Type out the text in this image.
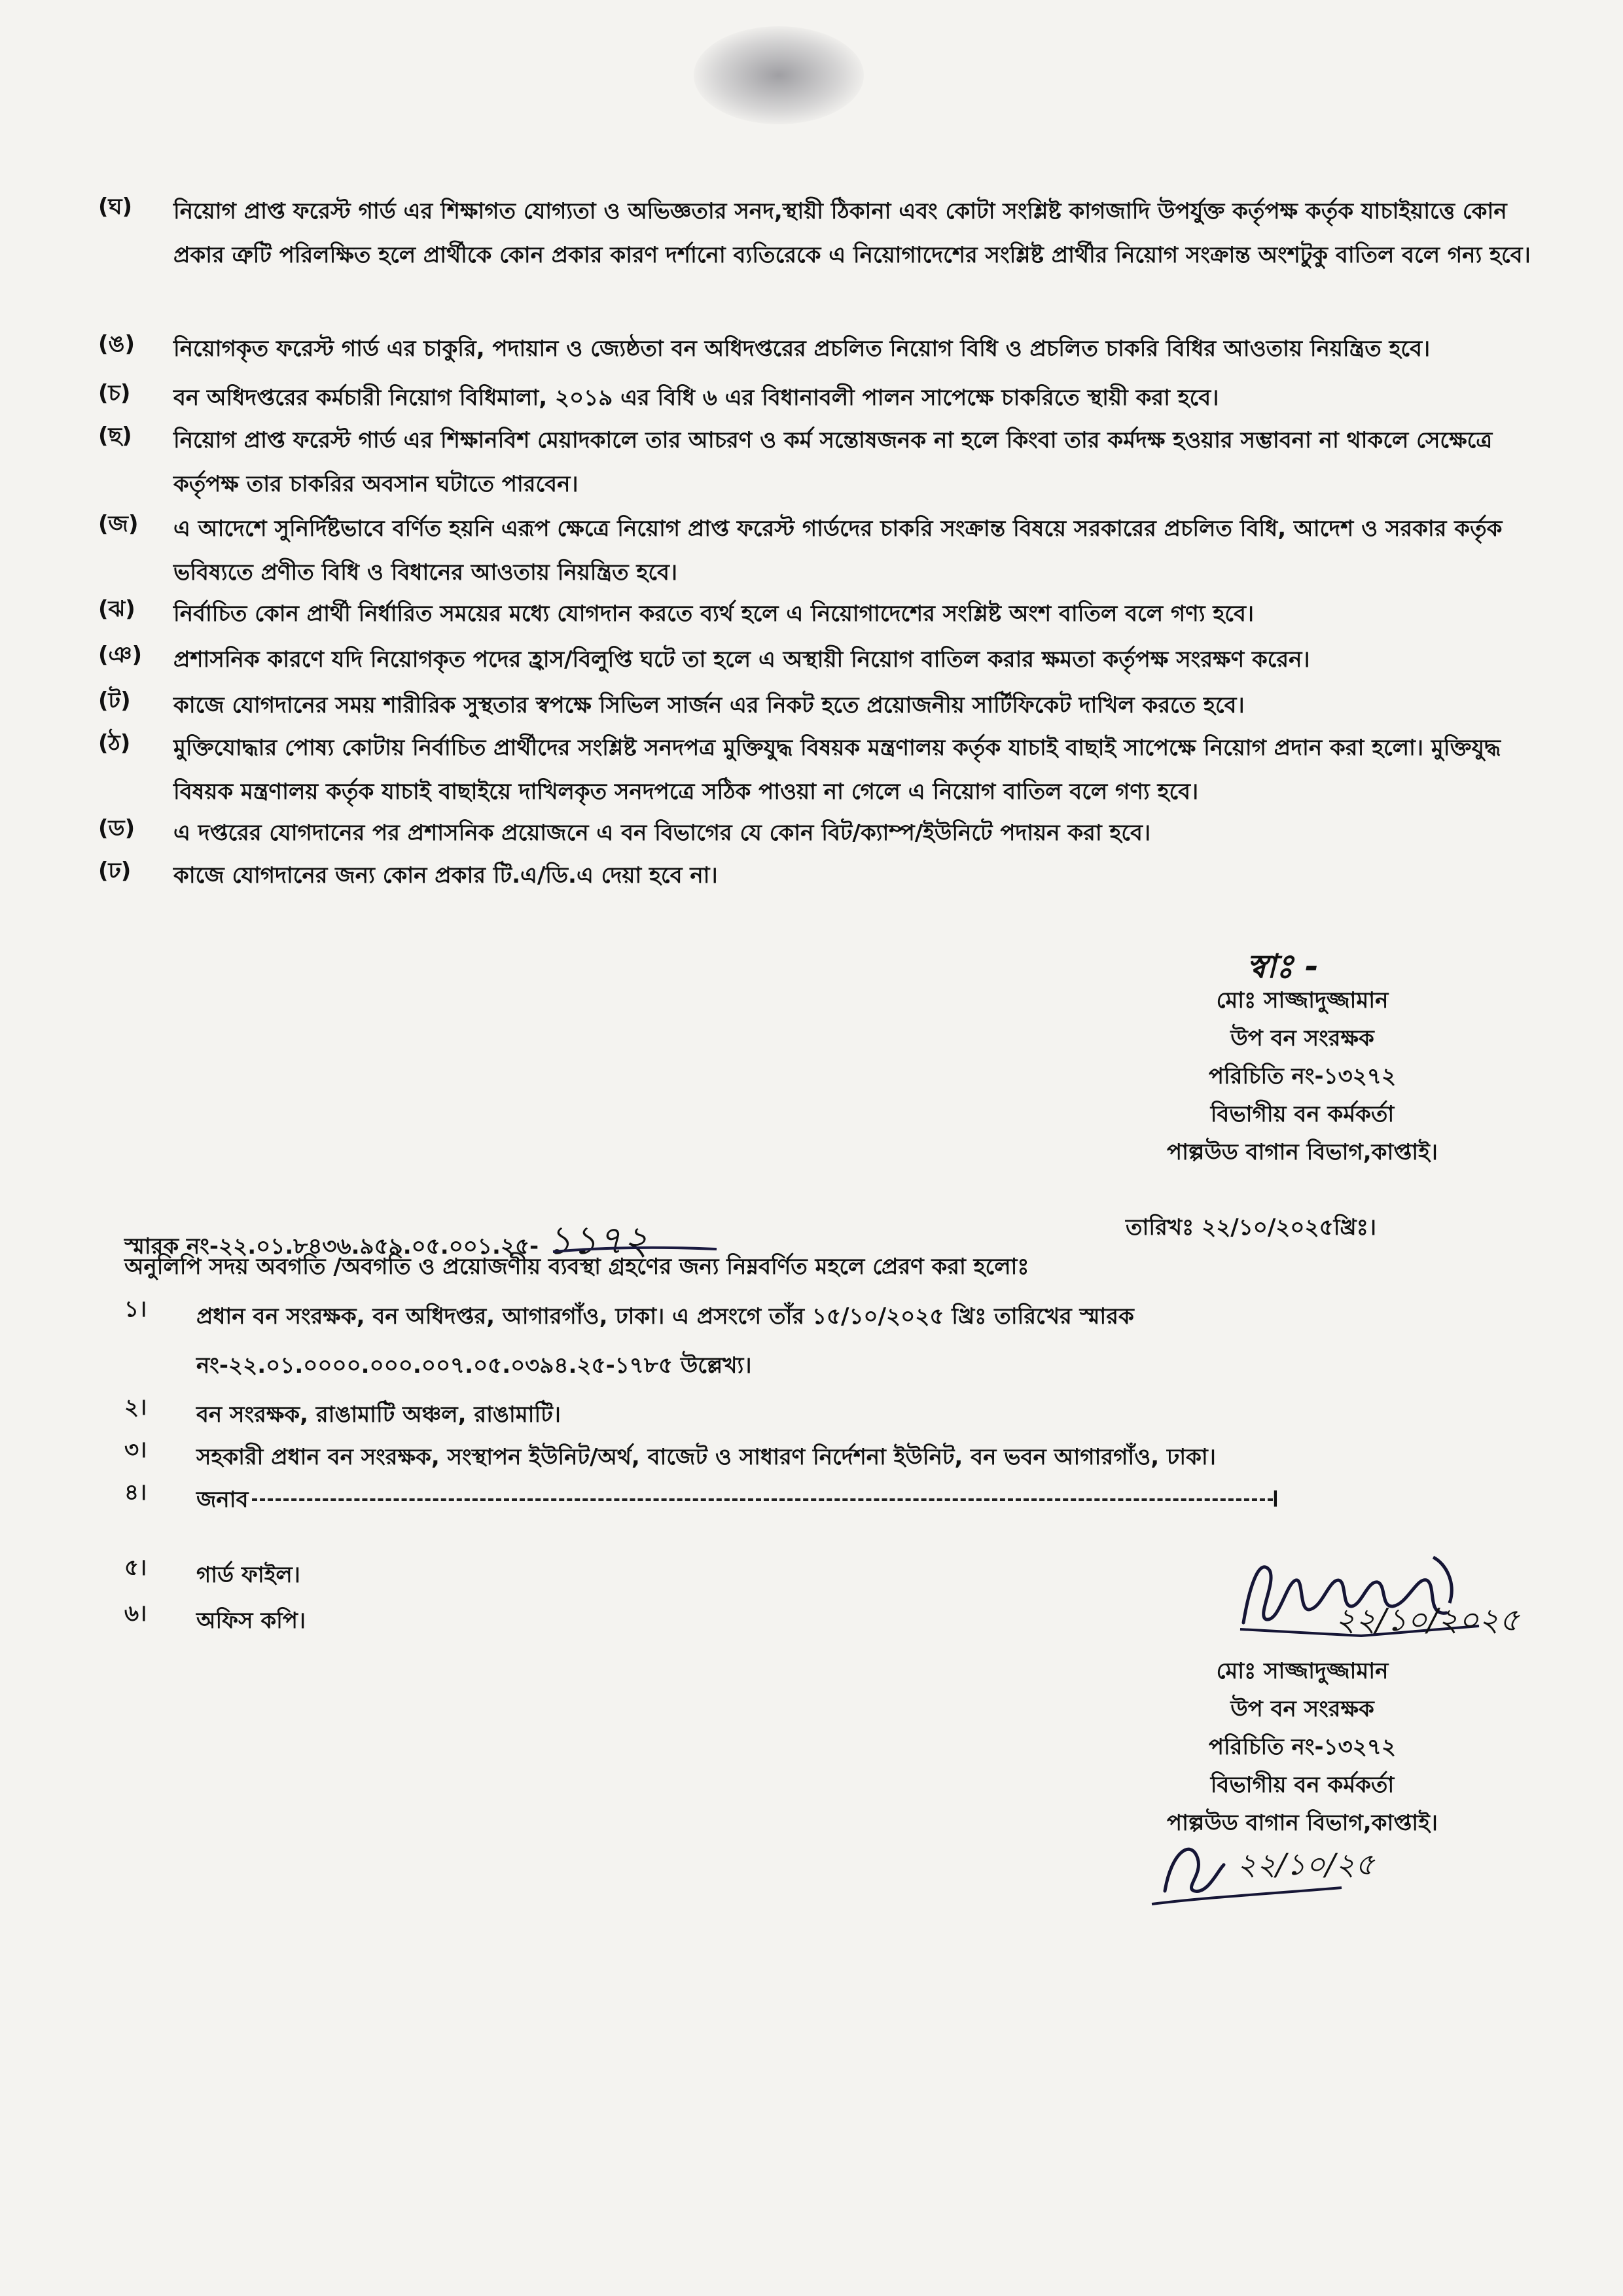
(ঘ)	নিয়োগ প্রাপ্ত ফরেস্ট গার্ড এর শিক্ষাগত যোগ্যতা ও অভিজ্ঞতার সনদ,স্থায়ী ঠিকানা এবং কোটা সংশ্লিষ্ট কাগজাদি উপর্যুক্ত কর্তৃপক্ষ কর্তৃক যাচাইয়াত্তে কোন প্রকার ত্রুটি পরিলক্ষিত হলে প্রার্থীকে কোন প্রকার কারণ দর্শানো ব্যতিরেকে এ নিয়োগাদেশের সংশ্লিষ্ট প্রার্থীর নিয়োগ সংক্রান্ত অংশটুকু বাতিল বলে গন্য হবে।
(ঙ)	নিয়োগকৃত ফরেস্ট গার্ড এর চাকুরি, পদায়ান ও জ্যেষ্ঠতা বন অধিদপ্তরের প্রচলিত নিয়োগ বিধি ও প্রচলিত চাকরি বিধির আওতায় নিয়ন্ত্রিত হবে।
(চ)	বন অধিদপ্তরের কর্মচারী নিয়োগ বিধিমালা, ২০১৯ এর বিধি ৬ এর বিধানাবলী পালন সাপেক্ষে চাকরিতে স্থায়ী করা হবে।
(ছ)	নিয়োগ প্রাপ্ত ফরেস্ট গার্ড এর শিক্ষানবিশ মেয়াদকালে তার আচরণ ও কর্ম সন্তোষজনক না হলে কিংবা তার কর্মদক্ষ হওয়ার সম্ভাবনা না থাকলে সেক্ষেত্রে কর্তৃপক্ষ তার চাকরির অবসান ঘটাতে পারবেন।
(জ)	এ আদেশে সুনির্দিষ্টভাবে বর্ণিত হয়নি এরূপ ক্ষেত্রে নিয়োগ প্রাপ্ত ফরেস্ট গার্ডদের চাকরি সংক্রান্ত বিষয়ে সরকারের প্রচলিত বিধি, আদেশ ও সরকার কর্তৃক ভবিষ্যতে প্রণীত বিধি ও বিধানের আওতায় নিয়ন্ত্রিত হবে।
(ঝ)	নির্বাচিত কোন প্রার্থী নির্ধারিত সময়ের মধ্যে যোগদান করতে ব্যর্থ হলে এ নিয়োগাদেশের সংশ্লিষ্ট অংশ বাতিল বলে গণ্য হবে।
(ঞ)	প্রশাসনিক কারণে যদি নিয়োগকৃত পদের হ্রাস/বিলুপ্তি ঘটে তা হলে এ অস্থায়ী নিয়োগ বাতিল করার ক্ষমতা কর্তৃপক্ষ সংরক্ষণ করেন।
(ট)	কাজে যোগদানের সময় শারীরিক সুস্থতার স্বপক্ষে সিভিল সার্জন এর নিকট হতে প্রয়োজনীয় সার্টিফিকেট দাখিল করতে হবে।
(ঠ)	মুক্তিযোদ্ধার পোষ্য কোটায় নির্বাচিত প্রার্থীদের সংশ্লিষ্ট সনদপত্র মুক্তিযুদ্ধ বিষয়ক মন্ত্রণালয় কর্তৃক যাচাই বাছাই সাপেক্ষে নিয়োগ প্রদান করা হলো। মুক্তিযুদ্ধ বিষয়ক মন্ত্রণালয় কর্তৃক যাচাই বাছাইয়ে দাখিলকৃত সনদপত্রে সঠিক পাওয়া না গেলে এ নিয়োগ বাতিল বলে গণ্য হবে।
(ড)	এ দপ্তরের যোগদানের পর প্রশাসনিক প্রয়োজনে এ বন বিভাগের যে কোন বিট/ক্যাম্প/ইউনিটে পদায়ন করা হবে।
(ঢ)	কাজে যোগদানের জন্য কোন প্রকার টি.এ/ডি.এ দেয়া হবে না।
স্বাঃ -
মোঃ সাজ্জাদুজ্জামান
উপ বন সংরক্ষক
পরিচিতি নং-১৩২৭২
বিভাগীয় বন কর্মকর্তা
পাল্পউড বাগান বিভাগ,কাপ্তাই।
স্মারক নং-২২.০১.৮৪৩৬.৯৫৯.০৫.০০১.২৫- ১১৭২	তারিখঃ ২২/১০/২০২৫খ্রিঃ।
অনুলিপি সদয় অবগতি /অবগতি ও প্রয়োজণীয় ব্যবস্থা গ্রহণের জন্য নিম্নবর্ণিত মহলে প্রেরণ করা হলোঃ
১।	প্রধান বন সংরক্ষক, বন অধিদপ্তর, আগারগাঁও, ঢাকা। এ প্রসংগে তাঁর ১৫/১০/২০২৫ খ্রিঃ তারিখের স্মারক নং-২২.০১.০০০০.০০০.০০৭.০৫.০৩৯৪.২৫-১৭৮৫ উল্লেখ্য।
২।	বন সংরক্ষক, রাঙামাটি অঞ্চল, রাঙামাটি।
৩।	সহকারী প্রধান বন সংরক্ষক, সংস্থাপন ইউনিট/অর্থ, বাজেট ও সাধারণ নির্দেশনা ইউনিট, বন ভবন আগারগাঁও, ঢাকা।
৪।	জনাব	।
৫।	গার্ড ফাইল।
৬।	অফিস কপি।	২২/১০/২০২৫
মোঃ সাজ্জাদুজ্জামান
উপ বন সংরক্ষক
পরিচিতি নং-১৩২৭২
বিভাগীয় বন কর্মকর্তা
পাল্পউড বাগান বিভাগ,কাপ্তাই।
২২/১০/২৫
